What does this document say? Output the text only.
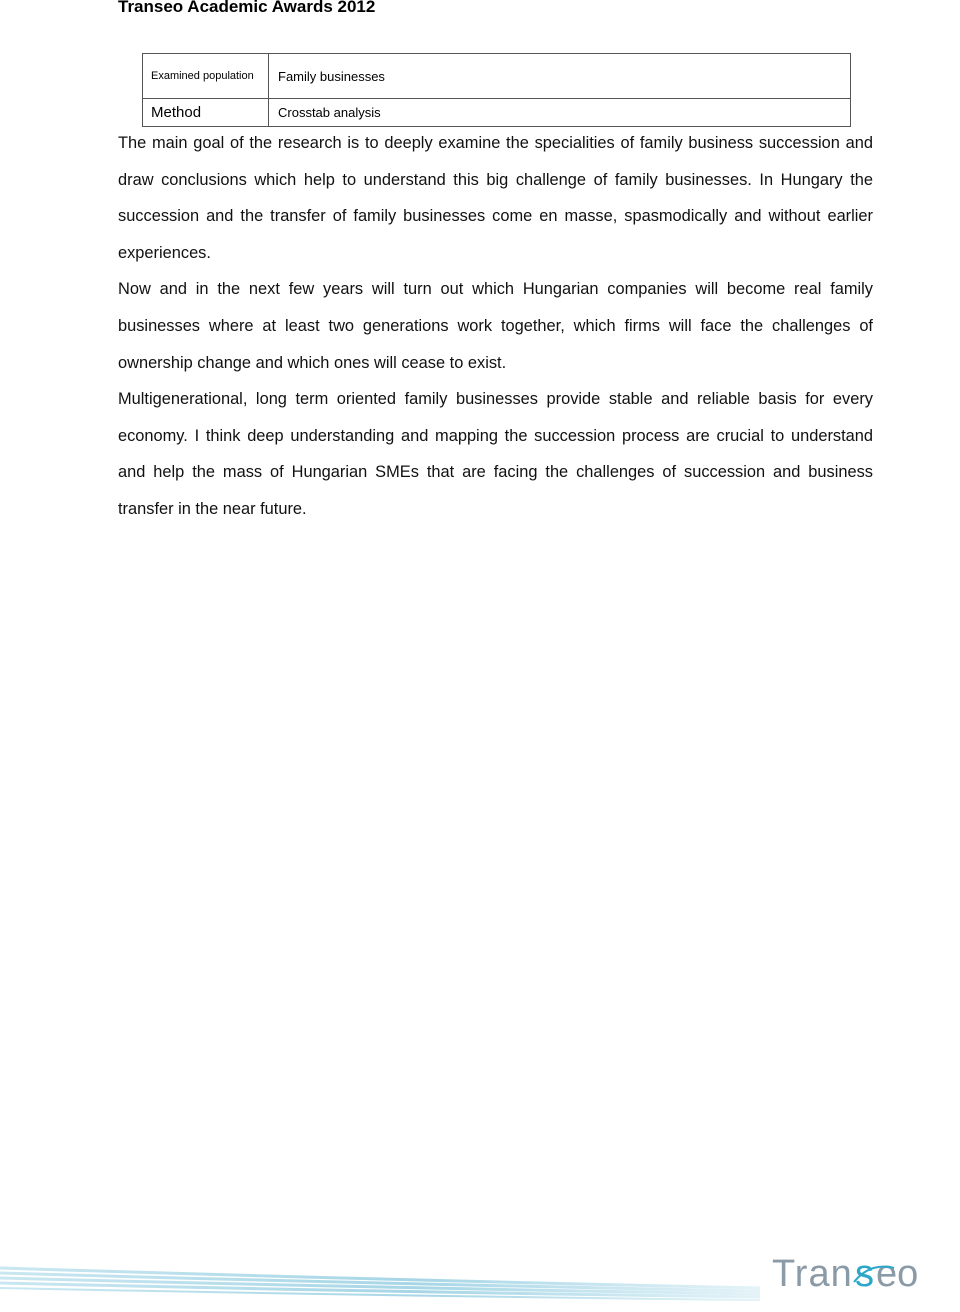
Transeo Academic Awards 2012
Examined population	Family businesses
Method	Crosstab analysis

The main goal of the research is to deeply examine the specialities of family business succession and draw conclusions which help to understand this big challenge of family businesses. In Hungary the succession and the transfer of family businesses come en masse, spasmodically and without earlier experiences.

Now and in the next few years will turn out which Hungarian companies will become real family businesses where at least two generations work together, which firms will face the challenges of ownership change and which ones will cease to exist.

Multigenerational, long term oriented family businesses provide stable and reliable basis for every economy. I think deep understanding and mapping the succession process are crucial to understand and help the mass of Hungarian SMEs that are facing the challenges of succession and business transfer in the near future.

Tran s eo
